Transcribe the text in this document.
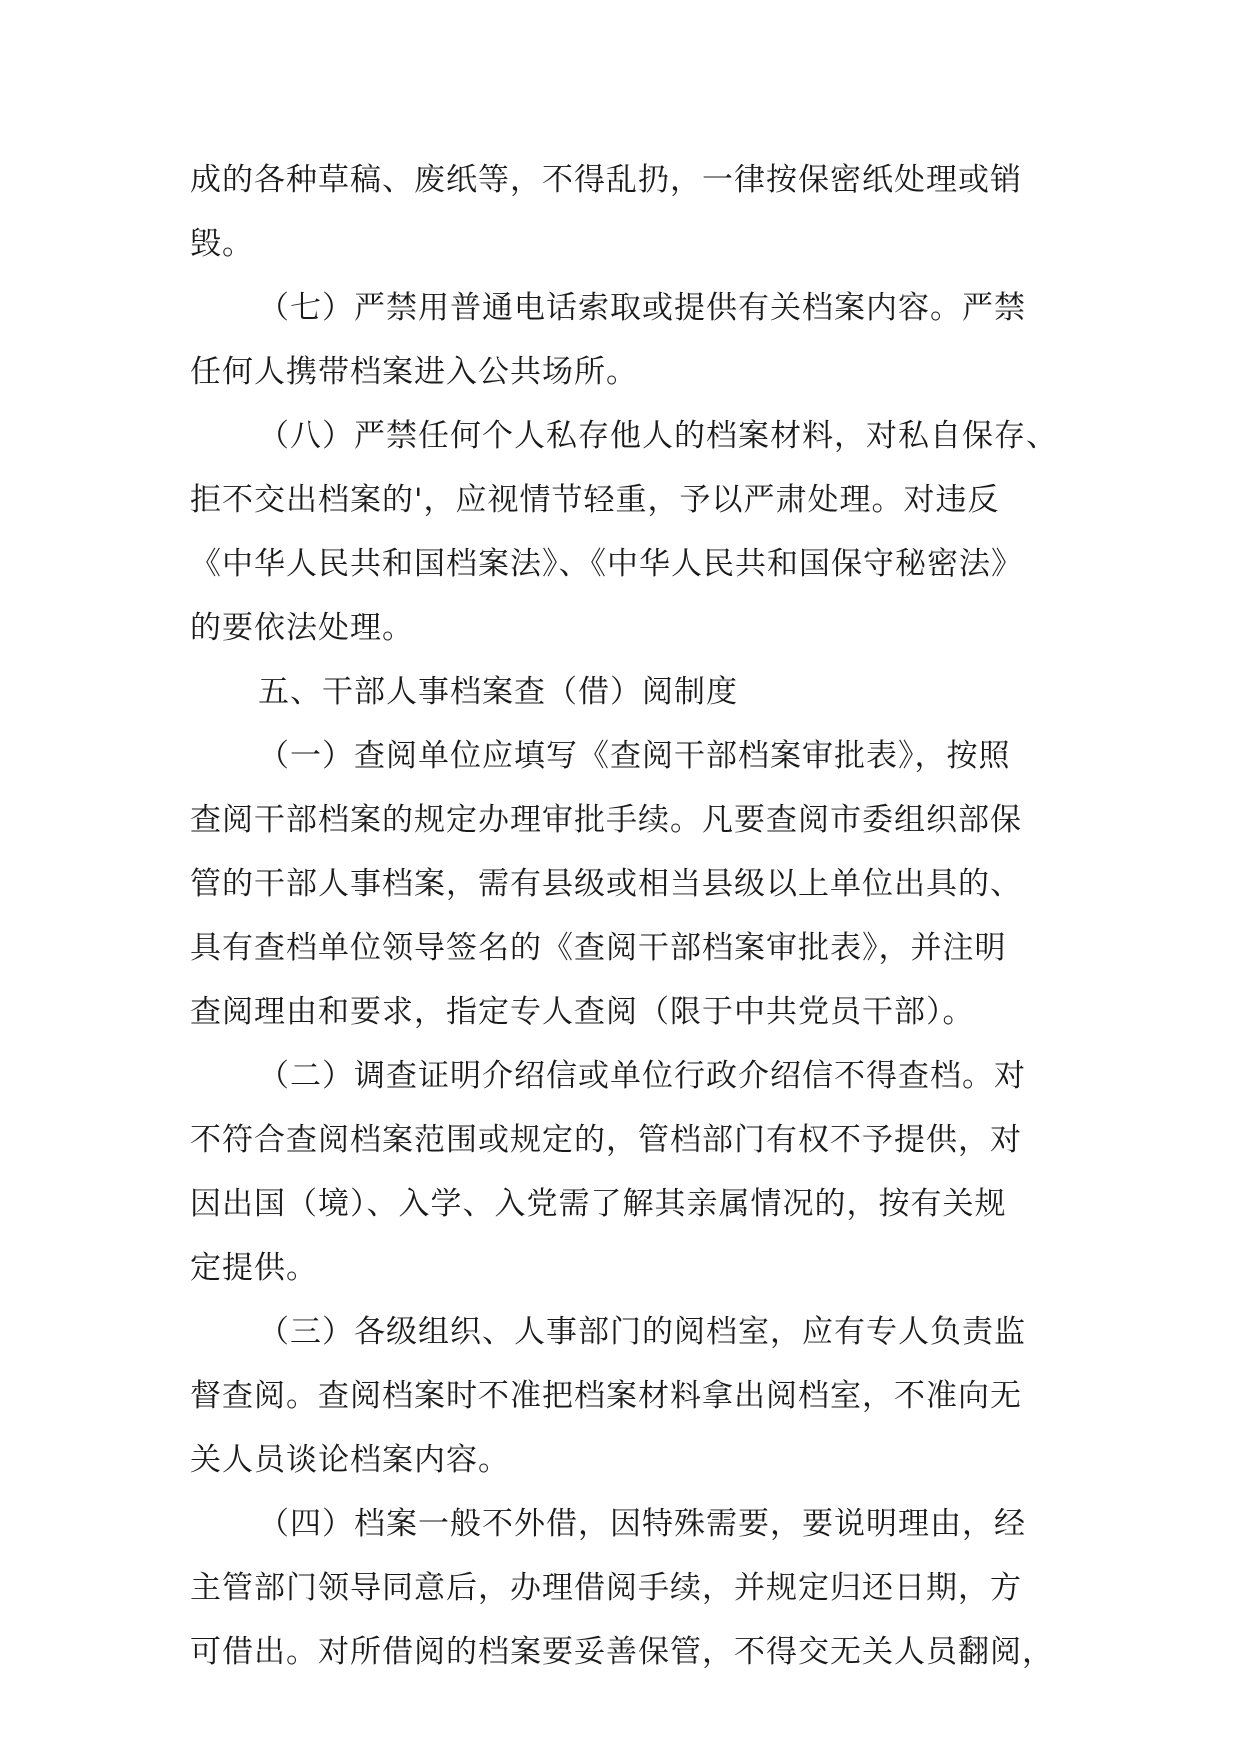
成的各种草稿、废纸等，不得乱扔，一律按保密纸处理或销
毁。
（七）严禁用普通电话索取或提供有关档案内容。严禁
任何人携带档案进入公共场所。
（八）严禁任何个人私存他人的档案材料，对私自保存、
拒不交出档案的'，应视情节轻重，予以严肃处理。对违反
《中华人民共和国档案法》、《中华人民共和国保守秘密法》
的要依法处理。
五、干部人事档案查（借）阅制度
（一）查阅单位应填写《查阅干部档案审批表》，按照
查阅干部档案的规定办理审批手续。凡要查阅市委组织部保
管的干部人事档案，需有县级或相当县级以上单位出具的、
具有查档单位领导签名的《查阅干部档案审批表》，并注明
查阅理由和要求，指定专人查阅（限于中共党员干部）。
（二）调查证明介绍信或单位行政介绍信不得查档。对
不符合查阅档案范围或规定的，管档部门有权不予提供，对
因出国（境）、入学、入党需了解其亲属情况的，按有关规
定提供。
（三）各级组织、人事部门的阅档室，应有专人负责监
督查阅。查阅档案时不准把档案材料拿出阅档室，不准向无
关人员谈论档案内容。
（四）档案一般不外借，因特殊需要，要说明理由，经
主管部门领导同意后，办理借阅手续，并规定归还日期，方
可借出。对所借阅的档案要妥善保管，不得交无关人员翻阅，
